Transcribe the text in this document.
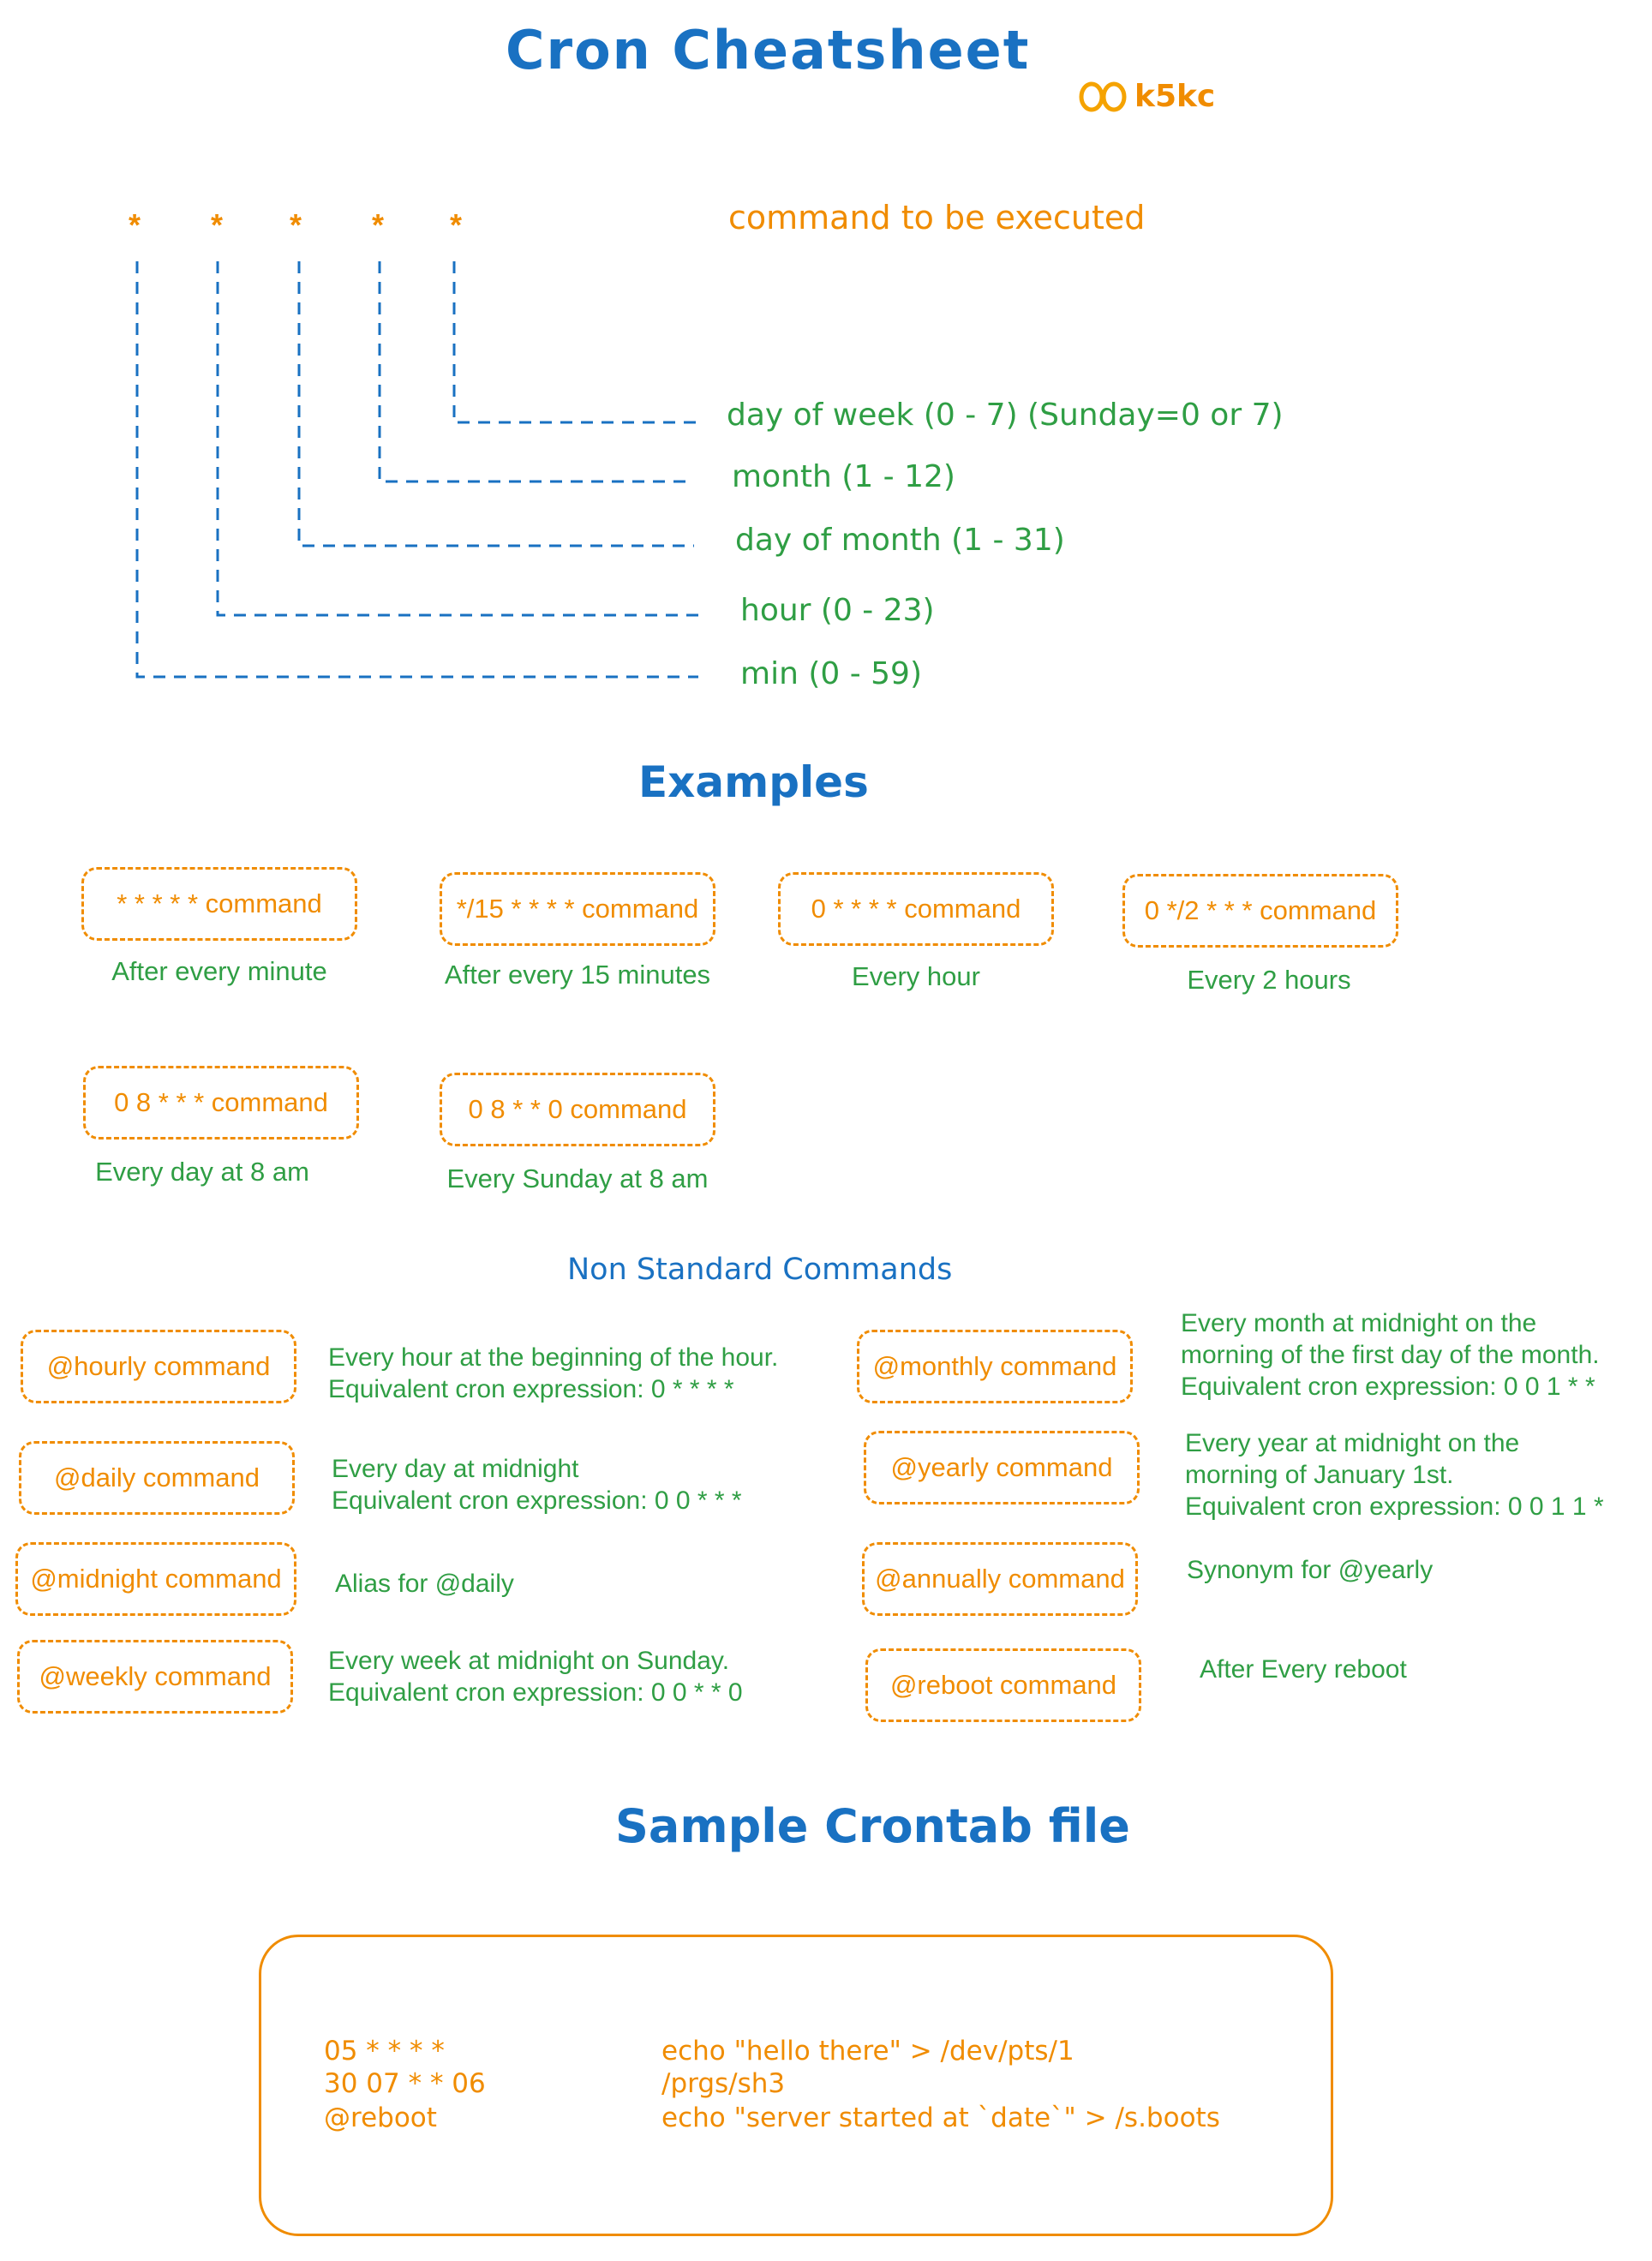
Cron Cheatsheet
k5kc
* * * * *	command to be executed
day of week (0 - 7) (Sunday=0 or 7)
month (1 - 12)
day of month (1 - 31)
hour (0 - 23)
min (0 - 59)
Examples
* * * * * command
After every minute
*/15 * * * * command
After every 15 minutes
0 * * * * command
Every hour
0 */2 * * * command
Every 2 hours
0 8 * * * command
Every day at 8 am
0 8 * * 0 command
Every Sunday at 8 am
Non Standard Commands
@hourly command	Every hour at the beginning of the hour.
Equivalent cron expression: 0 * * * *
@daily command	Every day at midnight
Equivalent cron expression: 0 0 * * *
@midnight command	Alias for @daily
@weekly command
Every week at midnight on Sunday.
Equivalent cron expression: 0 0 * * 0
@monthly command
Every month at midnight on the
morning of the first day of the month.
Equivalent cron expression: 0 0 1 * *
@yearly command
Every year at midnight on the
morning of January 1st.
Equivalent cron expression: 0 0 1 1 *
@annually command	Synonym for @yearly
@reboot command
After Every reboot
Sample Crontab file
05 * * * *	echo "hello there" > /dev/pts/1
30 07 * * 06	/prgs/sh3
@reboot	echo "server started at `date`" > /s.boots
